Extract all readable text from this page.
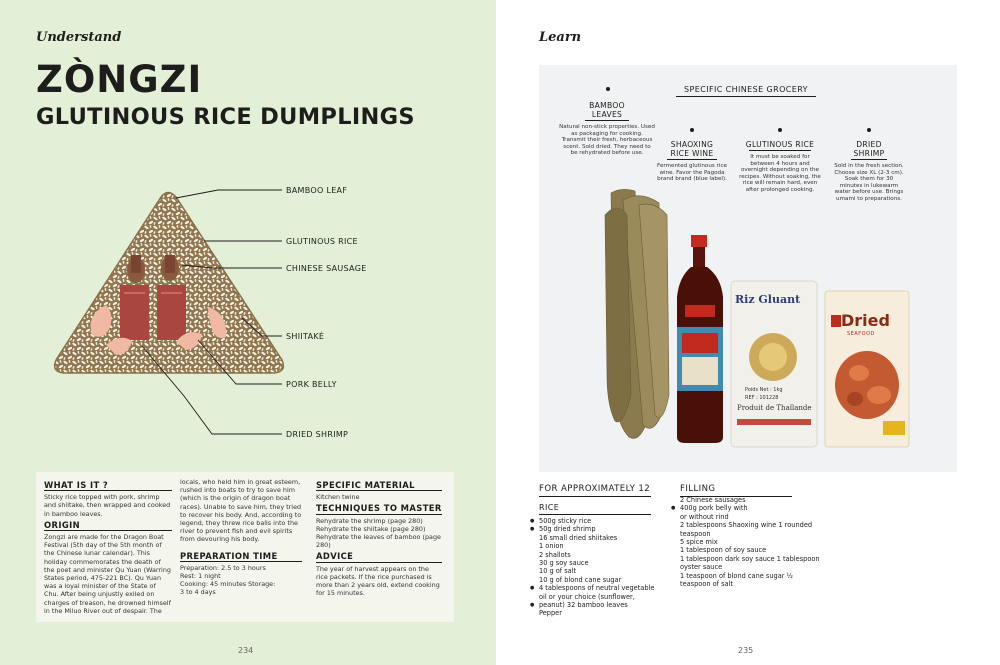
Understand
ZÒNGZI
GLUTINOUS RICE DUMPLINGS
BAMBOO LEAF
GLUTINOUS RICE
CHINESE SAUSAGE
SHIITAKÉ
PORK BELLY
DRIED SHRIMP
WHAT IS IT ?

Sticky rice topped with pork, shrimp and shiitake, then wrapped and cooked in bamboo leaves.

ORIGIN

Zongzi are made for the Dragon Boat Festival (5th day of the 5th month of the Chinese lunar calendar). This holiday commemorates the death of the poet and minister Qu Yuan (Warring States period, 475-221 BC). Qu Yuan was a loyal minister of the State of Chu. After being unjustly exiled on charges of treason, he drowned himself in the Miluo River out of despair. The

locals, who held him in great esteem, rushed into boats to try to save him (which is the origin of dragon boat races). Unable to save him, they tried to recover his body. And, according to legend, they threw rice balls into the river to prevent fish and evil spirits from devouring his body.

PREPARATION TIME
Preparation: 2.5 to 3 hours
Rest: 1 night
Cooking: 45 minutes Storage:
3 to 4 days
SPECIFIC MATERIAL

Kitchen twine

TECHNIQUES TO MASTER

Rehydrate the shrimp (page 280) Rehydrate the shiitake (page 280) Rehydrate the leaves of bamboo (page 280)

ADVICE

The year of harvest appears on the rice packets. If the rice purchased is more than 2 years old, extend cooking for 15 minutes.

234
Learn
SPECIFIC CHINESE GROCERY
BAMBOO LEAVES
Natural non-stick properties. Used as packaging for cooking. Transmit their fresh, herbaceous scent. Sold dried. They need to be rehydrated before use.
SHAOXING RICE WINE
Fermented glutinous rice wine. Favor the Pagoda brand brand (blue label).
GLUTINOUS RICE
It must be soaked for between 4 hours and overnight depending on the recipes. Without soaking, the rice will remain hard, even after prolonged cooking.
DRIED SHRIMP
Sold in the fresh section. Choose size XL (2-3 cm). Soak them for 30 minutes in lukewarm water before use. Brings umami to preparations.
Riz Gluant
Poids Net : 1kg
REF : 101228
Produit de Thaïlande
Dried
SEAFOOD
FOR APPROXIMATELY 12
RICE
● 500g sticky rice
● 50g dried shrimp
16 small dried shiitakes
1 onion
2 shallots
30 g soy sauce
10 g of salt
10 g of blond cane sugar
● 4 tablespoons of neutral vegetable
oil or your choice (sunflower,
● peanut) 32 bamboo leaves
Pepper
FILLING
2 Chinese sausages
● 400g pork belly with
or without rind
2 tablespoons Shaoxing wine 1 rounded
teaspoon
5 spice mix
1 tablespoon of soy sauce
1 tablespoon dark soy sauce 1 tablespoon
oyster sauce
1 teaspoon of blond cane sugar ½
teaspoon of salt
235
